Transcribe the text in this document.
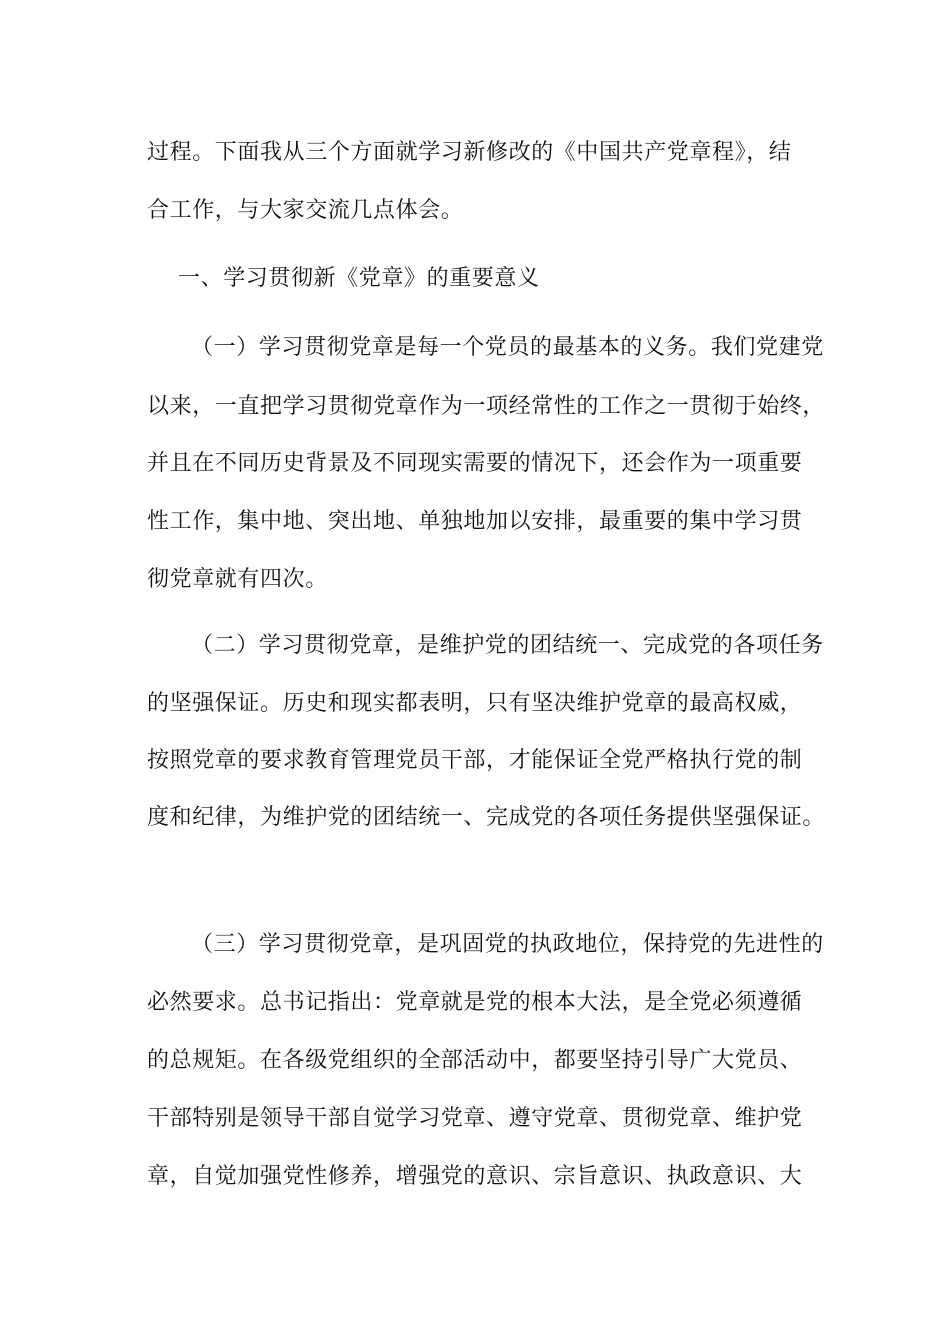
过程。下面我从三个方面就学习新修改的《中国共产党章程》，结
合工作，与大家交流几点体会。
一、学习贯彻新《党章》的重要意义
（一）学习贯彻党章是每一个党员的最基本的义务。我们党建党
以来，一直把学习贯彻党章作为一项经常性的工作之一贯彻于始终，
并且在不同历史背景及不同现实需要的情况下，还会作为一项重要
性工作，集中地、突出地、单独地加以安排，最重要的集中学习贯
彻党章就有四次。
（二）学习贯彻党章，是维护党的团结统一、完成党的各项任务
的坚强保证。历史和现实都表明，只有坚决维护党章的最高权威，
按照党章的要求教育管理党员干部，才能保证全党严格执行党的制
度和纪律，为维护党的团结统一、完成党的各项任务提供坚强保证。
（三）学习贯彻党章，是巩固党的执政地位，保持党的先进性的
必然要求。总书记指出：党章就是党的根本大法，是全党必须遵循
的总规矩。在各级党组织的全部活动中，都要坚持引导广大党员、
干部特别是领导干部自觉学习党章、遵守党章、贯彻党章、维护党
章，自觉加强党性修养，增强党的意识、宗旨意识、执政意识、大
